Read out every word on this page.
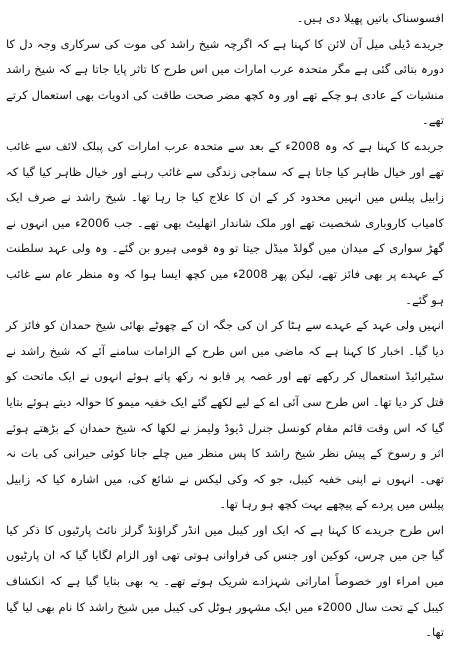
افسوسناک باتیں پھیلا دی ہیں۔

جریدے ڈیلی میل آن لائن کا کہنا ہے کہ اگرچہ شیخ راشد کی موت کی سرکاری وجہ دل کا دورہ بتائی گئی ہے مگر متحدہ عرب امارات میں اس طرح کا تاثر پایا جاتا ہے کہ شیخ راشد منشیات کے عادی ہو چکے تھے اور وہ کچھ مضر صحت طاقت کی ادویات بھی استعمال کرتے تھے۔

جریدے کا کہنا ہے کہ وہ 2008ء کے بعد سے متحدہ عرب امارات کی پبلک لائف سے غائب تھے اور خیال ظاہر کیا جاتا ہے کہ سماجی زندگی سے غائب رہنے اور خیال ظاہر کیا گیا کہ زابیل پیلس میں انہیں محدود کر کے ان کا علاج کیا جا رہا تھا۔ شیخ راشد نے صرف ایک کامیاب کاروباری شخصیت تھے اور ملک شاندار اتھلیٹ بھی تھے۔ جب 2006ء میں انہوں نے گھڑ سواری کے میدان میں گولڈ میڈل جیتا تو وہ قومی ہیرو بن گئے۔ وہ ولی عہد سلطنت کے عہدے پر بھی فائز تھے، لیکن پھر 2008ء میں کچھ ایسا ہوا کہ وہ منظر عام سے غائب ہو گئے۔

انہیں ولی عہد کے عہدے سے ہٹا کر ان کی جگہ ان کے چھوٹے بھائی شیخ حمدان کو فائز کر دیا گیا۔ اخبار کا کہنا ہے کہ ماضی میں اس طرح کے الزامات سامنے آئے کہ شیخ راشد نے سٹیرائیڈ استعمال کر رکھے تھے اور غصہ پر قابو نہ رکھ پاتے ہوئے انہوں نے ایک ماتحت کو قتل کر دیا تھا۔ اس طرح سی آئی اے کے لیے لکھے گئے ایک خفیہ میمو کا حوالہ دیتے ہوئے بتایا گیا کہ اس وقت قائم مقام کونسل جنرل ڈیوڈ ولیمز نے لکھا کہ شیخ حمدان کے بڑھتے ہوئے اثر و رسوخ کے پیش نظر شیخ راشد کا پس منظر میں چلے جانا کوئی حیرانی کی بات نہ تھی۔ انہوں نے اپنی خفیہ کیبل، جو کہ وکی لیکس نے شائع کی، میں اشارہ کیا کہ زابیل پیلس میں پردے کے پیچھے بہت کچھ ہو رہا تھا۔

اس طرح جریدے کا کہنا ہے کہ ایک اور کیبل میں انڈر گراؤنڈ گرلز نائٹ پارٹیوں کا ذکر کیا گیا جن میں چرس، کوکین اور جنس کی فراوانی ہوتی تھی اور الزام لگایا گیا کہ ان پارٹیوں میں امراء اور خصوصاً اماراتی شہزادے شریک ہوتے تھے۔ یہ بھی بتایا گیا ہے کہ انکشاف کیبل کے تحت سال 2000ء میں ایک مشہور ہوٹل کی کیبل میں شیخ راشد کا نام بھی لیا گیا تھا۔
